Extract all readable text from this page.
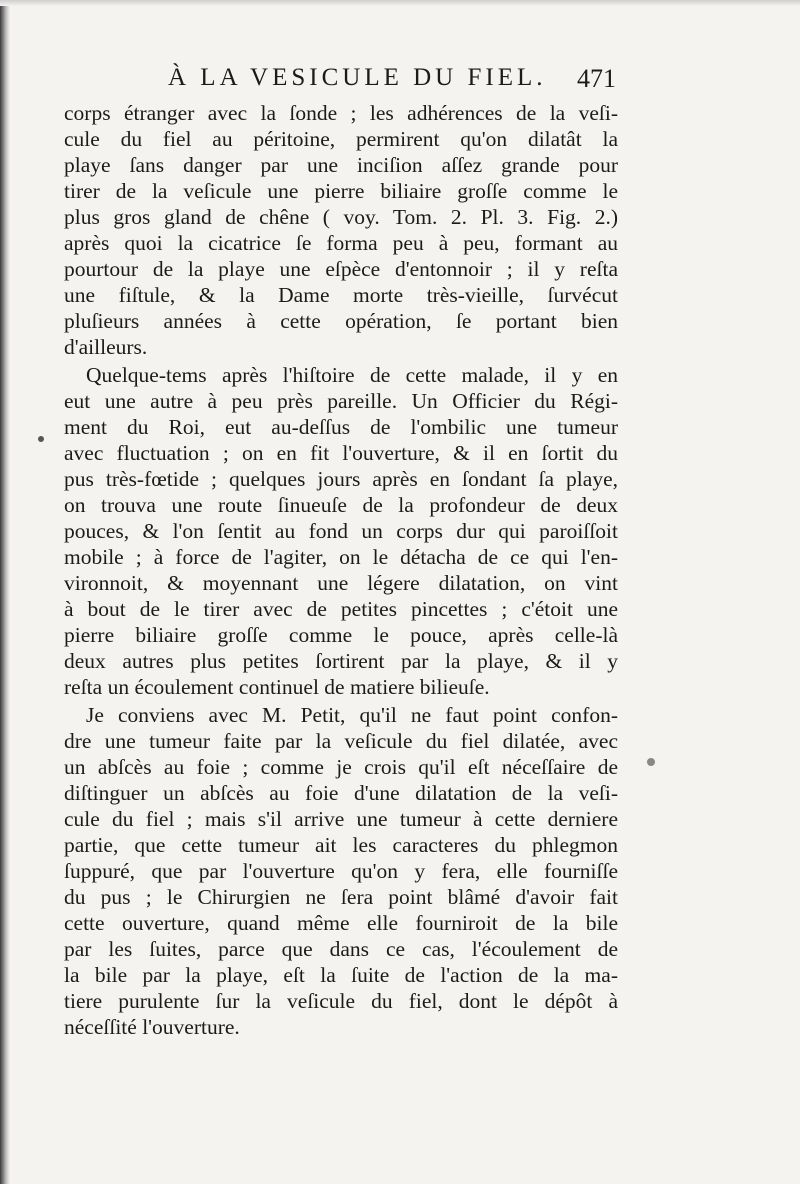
À LA VESICULE DU FIEL. 471
corps étranger avec la ſonde ; les adhérences de la veſi-
cule du fiel au péritoine, permirent qu'on dilatât la
playe ſans danger par une inciſion aſſez grande pour
tirer de la veſicule une pierre biliaire groſſe comme le
plus gros gland de chêne ( voy. Tom. 2. Pl. 3. Fig. 2.)
après quoi la cicatrice ſe forma peu à peu, formant au
pourtour de la playe une eſpèce d'entonnoir ; il y reſta
une fiſtule, & la Dame morte très-vieille, ſurvécut
pluſieurs années à cette opération, ſe portant bien
d'ailleurs.
Quelque-tems après l'hiſtoire de cette malade, il y en
eut une autre à peu près pareille. Un Officier du Régi-
ment du Roi, eut au-deſſus de l'ombilic une tumeur
avec fluctuation ; on en fit l'ouverture, & il en ſortit du
pus très-fœtide ; quelques jours après en ſondant ſa playe,
on trouva une route ſinueuſe de la profondeur de deux
pouces, & l'on ſentit au fond un corps dur qui paroiſſoit
mobile ; à force de l'agiter, on le détacha de ce qui l'en-
vironnoit, & moyennant une légere dilatation, on vint
à bout de le tirer avec de petites pincettes ; c'étoit une
pierre biliaire groſſe comme le pouce, après celle-là
deux autres plus petites ſortirent par la playe, & il y
reſta un écoulement continuel de matiere bilieuſe.
Je conviens avec M. Petit, qu'il ne faut point confon-
dre une tumeur faite par la veſicule du fiel dilatée, avec
un abſcès au foie ; comme je crois qu'il eſt néceſſaire de
diſtinguer un abſcès au foie d'une dilatation de la veſi-
cule du fiel ; mais s'il arrive une tumeur à cette derniere
partie, que cette tumeur ait les caracteres du phlegmon
ſuppuré, que par l'ouverture qu'on y fera, elle fourniſſe
du pus ; le Chirurgien ne ſera point blâmé d'avoir fait
cette ouverture, quand même elle fourniroit de la bile
par les ſuites, parce que dans ce cas, l'écoulement de
la bile par la playe, eſt la ſuite de l'action de la ma-
tiere purulente ſur la veſicule du fiel, dont le dépôt à
néceſſité l'ouverture.
